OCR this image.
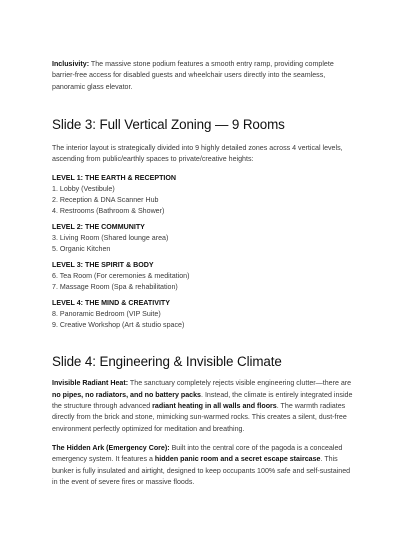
Inclusivity: The massive stone podium features a smooth entry ramp, providing complete barrier-free access for disabled guests and wheelchair users directly into the seamless, panoramic glass elevator.

Slide 3: Full Vertical Zoning — 9 Rooms

The interior layout is strategically divided into 9 highly detailed zones across 4 vertical levels, ascending from public/earthly spaces to private/creative heights:

LEVEL 1: THE EARTH & RECEPTION

1. Lobby (Vestibule)

2. Reception & DNA Scanner Hub

4. Restrooms (Bathroom & Shower)

LEVEL 2: THE COMMUNITY

3. Living Room (Shared lounge area)

5. Organic Kitchen

LEVEL 3: THE SPIRIT & BODY

6. Tea Room (For ceremonies & meditation)

7. Massage Room (Spa & rehabilitation)

LEVEL 4: THE MIND & CREATIVITY

8. Panoramic Bedroom (VIP Suite)

9. Creative Workshop (Art & studio space)

Slide 4: Engineering & Invisible Climate

Invisible Radiant Heat: The sanctuary completely rejects visible engineering clutter—there are no pipes, no radiators, and no battery packs. Instead, the climate is entirely integrated inside the structure through advanced radiant heating in all walls and floors. The warmth radiates directly from the brick and stone, mimicking sun-warmed rocks. This creates a silent, dust-free environment perfectly optimized for meditation and breathing.

The Hidden Ark (Emergency Core): Built into the central core of the pagoda is a concealed emergency system. It features a hidden panic room and a secret escape staircase. This bunker is fully insulated and airtight, designed to keep occupants 100% safe and self-sustained in the event of severe fires or massive floods.
